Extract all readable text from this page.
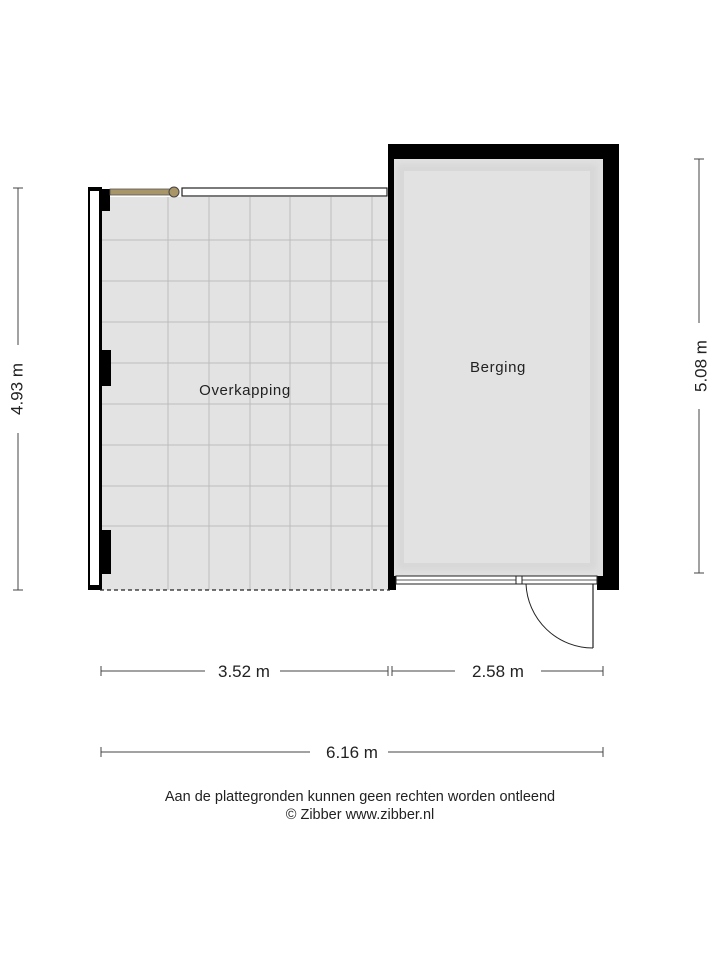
Overkapping
Berging
4.93 m	5.08 m
3.52 m	2.58 m
6.16 m
Aan de plattegronden kunnen geen rechten worden ontleend
© Zibber www.zibber.nl
